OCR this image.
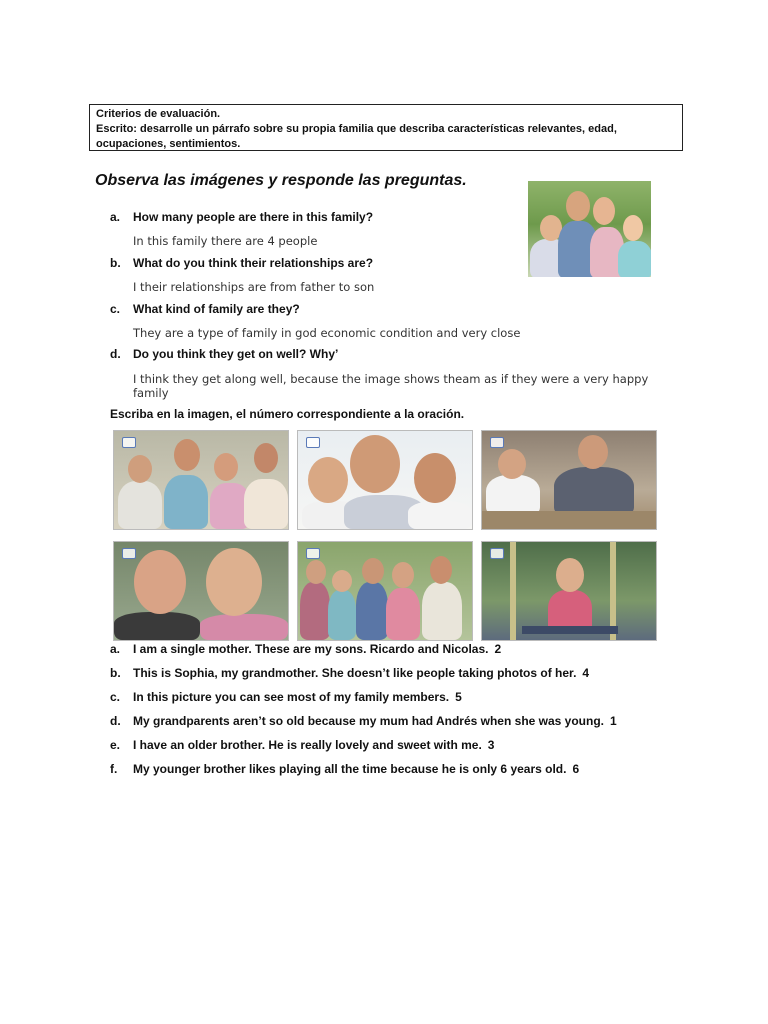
Criterios de evaluación.
Escrito: desarrolle un párrafo sobre su propia familia que describa características relevantes, edad,
ocupaciones, sentimientos.
Observa las imágenes y responde las preguntas.
a. How many people are there in this family?
In this family there are 4 people
b. What do you think their relationships are?
I their relationships are from father to son
c. What kind of family are they?
They are a type of family in god economic condition and very close
d. Do you think they get on well? Why’
I think they get along well, because the image shows theam as if they were a very happy family
Escriba en la imagen, el número correspondiente a la oración.
a. I am a single mother. These are my sons. Ricardo and Nicolas. 2
b. This is Sophia, my grandmother. She doesn’t like people taking photos of her. 4
c. In this picture you can see most of my family members. 5
d. My grandparents aren’t so old because my mum had Andrés when she was young. 1
e. I have an older brother. He is really lovely and sweet with me. 3
f. My younger brother likes playing all the time because he is only 6 years old. 6
